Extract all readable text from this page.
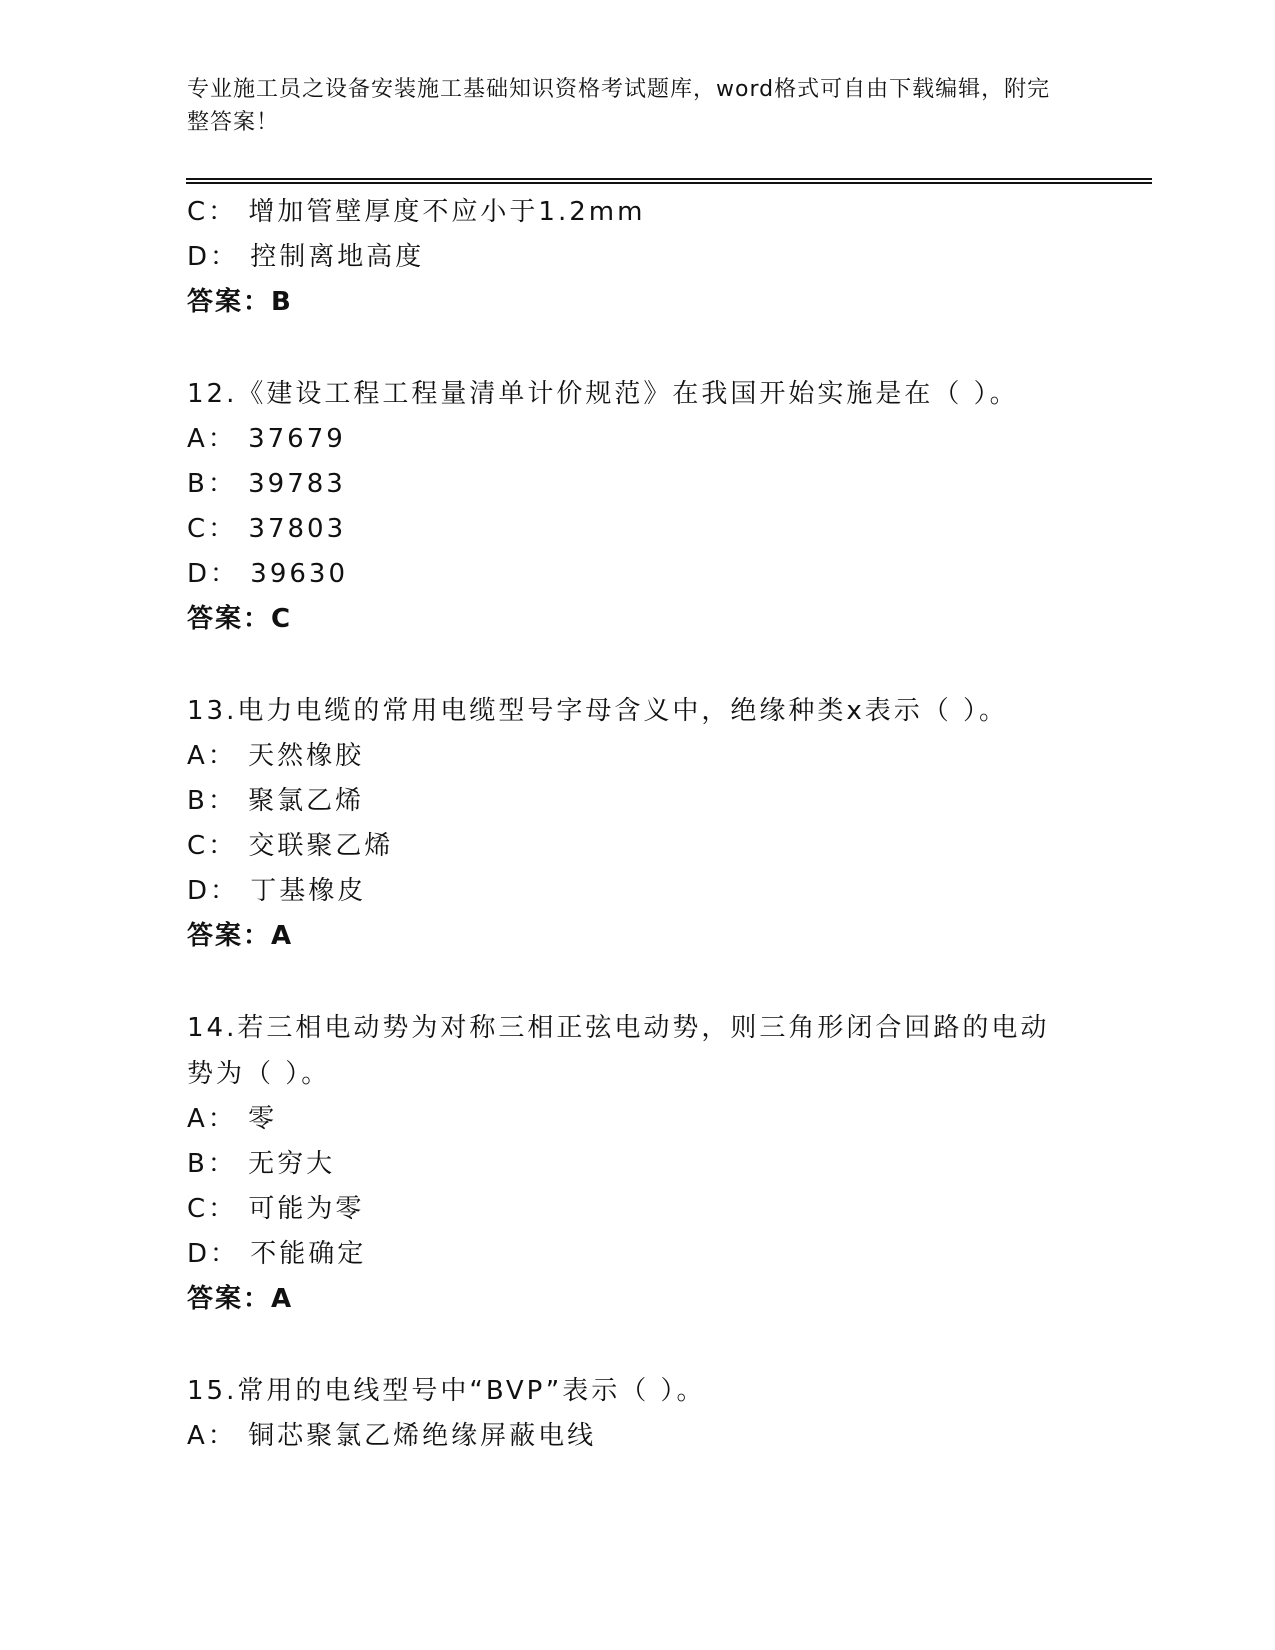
专业施工员之设备安装施工基础知识资格考试题库，word格式可自由下载编辑，附完整答案！
C： 增加管壁厚度不应小于1.2mm
D： 控制离地高度
答案：B
12.《建设工程工程量清单计价规范》在我国开始实施是在（ ）。
A： 37679
B： 39783
C： 37803
D： 39630
答案：C
13.电力电缆的常用电缆型号字母含义中，绝缘种类x表示（ ）。
A： 天然橡胶
B： 聚氯乙烯
C： 交联聚乙烯
D： 丁基橡皮
答案：A
14.若三相电动势为对称三相正弦电动势，则三角形闭合回路的电动势为（ ）。
A： 零
B： 无穷大
C： 可能为零
D： 不能确定
答案：A
15.常用的电线型号中“BVP”表示（ ）。
A： 铜芯聚氯乙烯绝缘屏蔽电线
